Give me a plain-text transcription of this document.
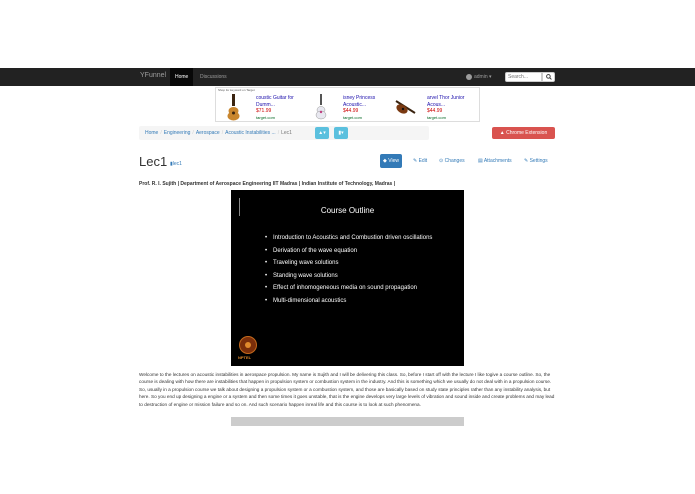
YFunnel	Home	Discussions	admin ▾
Search...
Shop for keyword on Target
coustic Guitar for
Dumm...
$71.99
target.com
isney Princess
Acoustic...
$44.99
target.com
arvel Thor Junior
Acous...
$44.99
target.com
Home / Engineering / Aerospace / Acoustic Instabilities ... / Lec1	▲▾	▮▾	▲ Chrome Extension
Lec1 ▮lec1	◆ View	✎ Edit	⊙ Changes	▤ Attachments	✎ Settings
Prof. R. I. Sujith | Department of Aerospace Engineering IIT Madras | Indian Institute of Technology, Madras |
Course Outline
• Introduction to Acoustics and Combustion driven oscillations
• Derivation of the wave equation
• Traveling wave solutions
• Standing wave solutions
• Effect of inhomogeneous media on sound propagation
• Multi-dimensional acoustics
NPTEL

Welcome to the lectures on acoustic instabilities in aerospace propulsion. My name is Sujith and I will be delivering this class. So, before I start off with the lecture I like togive a course outline. So, the course is dealing with how there are instabilities that happen in propulsion system or combustion system in the industry. And this is something which we usually do not deal with in a propulsion course. So, usually in a propulsion course we talk about designing a propulsion system or a combustion system, and those are basically based on study state principles rather than any instability analysis, but here. So you end up designing a engine or a system and then some times it goes unstable, that is the engine develops very large levels of vibration and sound inside and create problems and may lead to destruction of engine or mission failure and so on. And such scenario happen inreal life and this course is to look at such phenomena.
